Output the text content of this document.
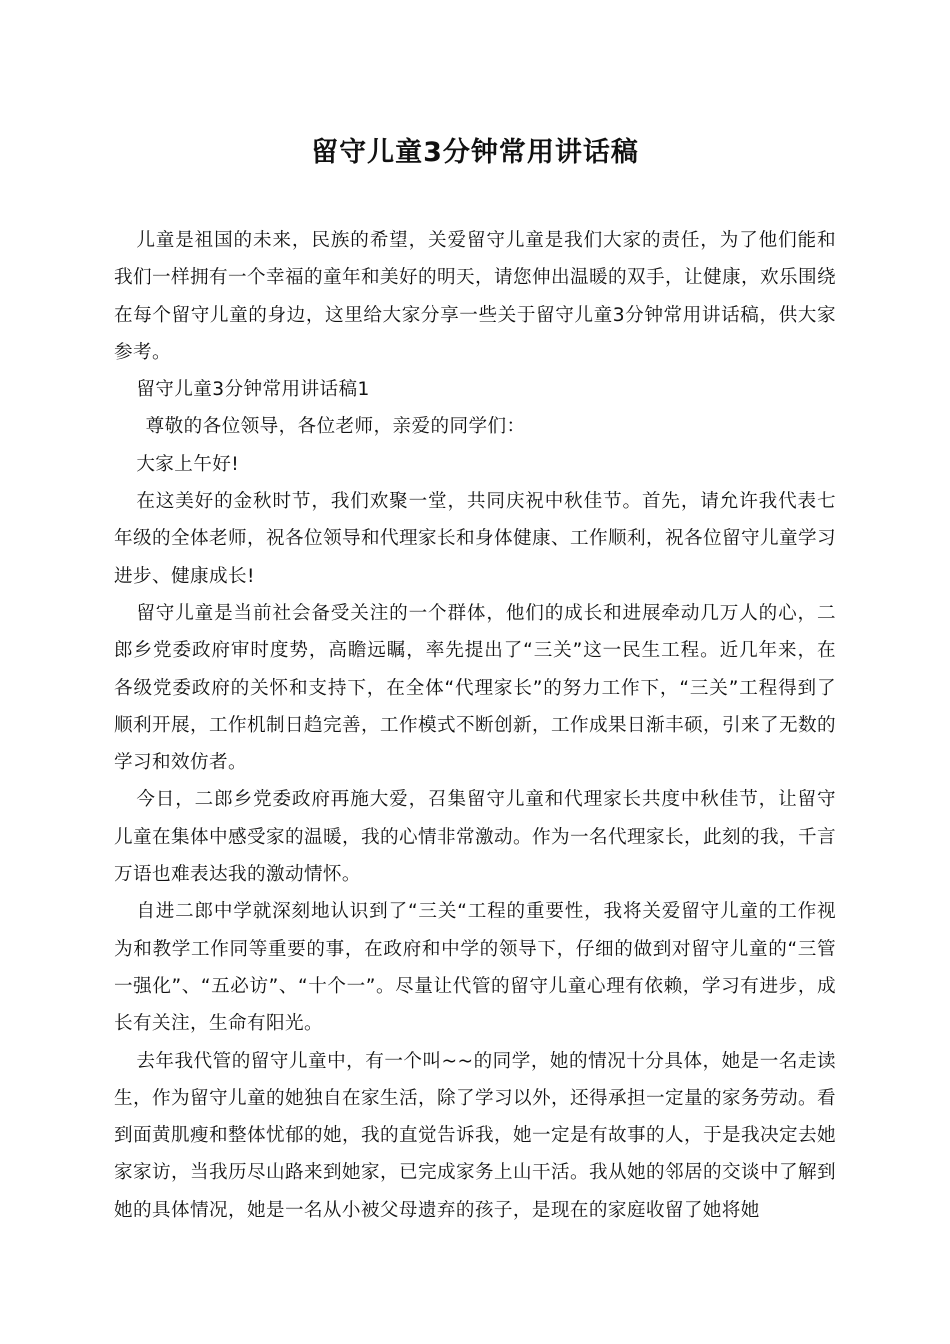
留守儿童3分钟常用讲话稿

儿童是祖国的未来，民族的希望，关爱留守儿童是我们大家的责任，为了他们能和我们一样拥有一个幸福的童年和美好的明天，请您伸出温暖的双手，让健康，欢乐围绕在每个留守儿童的身边，这里给大家分享一些关于留守儿童3分钟常用讲话稿，供大家参考。

留守儿童3分钟常用讲话稿1

尊敬的各位领导，各位老师，亲爱的同学们：

大家上午好!

在这美好的金秋时节，我们欢聚一堂，共同庆祝中秋佳节。首先，请允许我代表七年级的全体老师，祝各位领导和代理家长和身体健康、工作顺利，祝各位留守儿童学习进步、健康成长!

留守儿童是当前社会备受关注的一个群体，他们的成长和进展牵动几万人的心，二郎乡党委政府审时度势，高瞻远瞩，率先提出了“三关”这一民生工程。近几年来，在各级党委政府的关怀和支持下，在全体“代理家长”的努力工作下，“三关”工程得到了顺利开展，工作机制日趋完善，工作模式不断创新，工作成果日渐丰硕，引来了无数的学习和效仿者。

今日，二郎乡党委政府再施大爱，召集留守儿童和代理家长共度中秋佳节，让留守儿童在集体中感受家的温暖，我的心情非常激动。作为一名代理家长，此刻的我，千言万语也难表达我的激动情怀。

自进二郎中学就深刻地认识到了“三关“工程的重要性，我将关爱留守儿童的工作视为和教学工作同等重要的事，在政府和中学的领导下，仔细的做到对留守儿童的“三管一强化”、“五必访”、“十个一”。尽量让代管的留守儿童心理有依赖，学习有进步，成长有关注，生命有阳光。

去年我代管的留守儿童中，有一个叫~~的同学，她的情况十分具体，她是一名走读生，作为留守儿童的她独自在家生活，除了学习以外，还得承担一定量的家务劳动。看到面黄肌瘦和整体忧郁的她，我的直觉告诉我，她一定是有故事的人，于是我决定去她家家访，当我历尽山路来到她家，已完成家务上山干活。我从她的邻居的交谈中了解到她的具体情况，她是一名从小被父母遗弃的孩子，是现在的家庭收留了她将她
